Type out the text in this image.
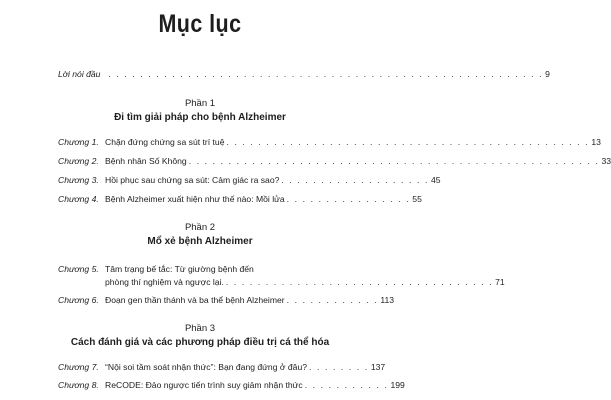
Mục lục
Lời nói đầu . . . . . . . . . . . . . . . . . . . . . . . . . . . . . . . . . . . . . . . . . . . . . . . . . . . . . . . 9
Phần 1
Đi tìm giải pháp cho bệnh Alzheimer
Chương 1. Chặn đứng chứng sa sút trí tuệ . . . . . . . . . . . . . . . . . . . . . . . . . . . . . . . . . . . . . . . . . . . . . . 13
Chương 2. Bệnh nhân Số Không . . . . . . . . . . . . . . . . . . . . . . . . . . . . . . . . . . . . . . . . . . . . . . . . . . . . 33
Chương 3. Hồi phục sau chứng sa sút: Cảm giác ra sao? . . . . . . . . . . . . . . . . . . . 45
Chương 4. Bệnh Alzheimer xuất hiện như thế nào: Mồi lửa . . . . . . . . . . . . . . . . 55
Phần 2
Mổ xẻ bệnh Alzheimer
Chương 5. Tâm trạng bế tắc: Từ giường bệnh đến
phòng thí nghiệm và ngược lại. . . . . . . . . . . . . . . . . . . . . . . . . . . . . . . . . . . 71
Chương 6. Đoạn gen thần thánh và ba thể bệnh Alzheimer . . . . . . . . . . . . 113
Phần 3
Cách đánh giá và các phương pháp điều trị cá thể hóa
Chương 7. “Nội soi tầm soát nhận thức”: Bạn đang đứng ở đâu? . . . . . . . . 137
Chương 8. ReCODE: Đảo ngược tiến trình suy giảm nhận thức . . . . . . . . . . . 199
